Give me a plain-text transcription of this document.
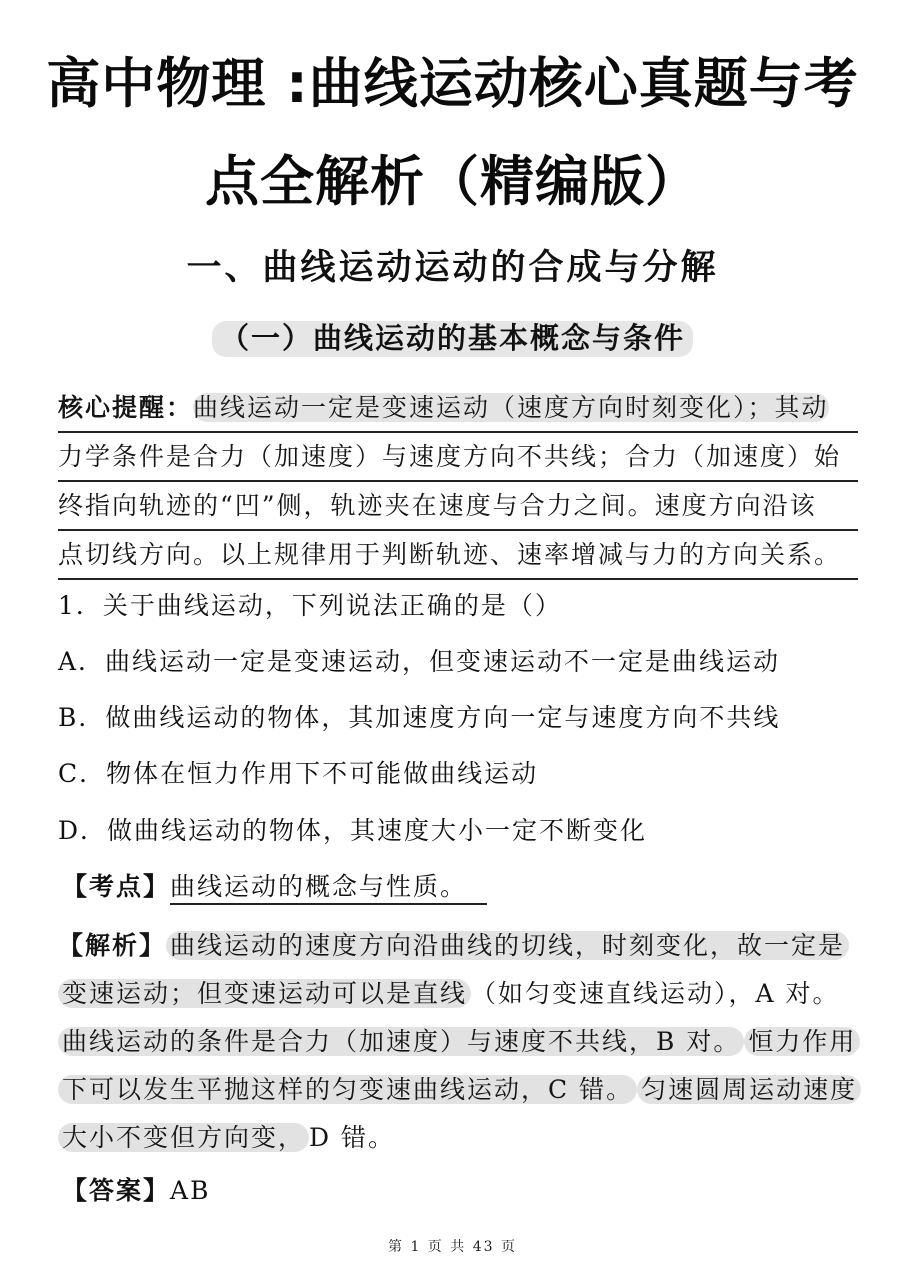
高中物理 :曲线运动核心真题与考
点全解析（精编版）
一、曲线运动运动的合成与分解
（一）曲线运动的基本概念与条件
核心提醒：曲线运动一定是变速运动（速度方向时刻变化）；其动
力学条件是合力（加速度）与速度方向不共线；合力（加速度）始
终指向轨迹的“凹”侧，轨迹夹在速度与合力之间。速度方向沿该
点切线方向。以上规律用于判断轨迹、速率增减与力的方向关系。
1．关于曲线运动，下列说法正确的是（）
A．曲线运动一定是变速运动，但变速运动不一定是曲线运动
B．做曲线运动的物体，其加速度方向一定与速度方向不共线
C．物体在恒力作用下不可能做曲线运动
D．做曲线运动的物体，其速度大小一定不断变化
【考点】曲线运动的概念与性质。
【解析】 曲线运动的速度方向沿曲线的切线，时刻变化，故一定是
变速运动；但变速运动可以是直线 （如匀变速直线运动），A 对。
曲线运动的条件是合力（加速度）与速度不共线，B 对。 恒力作用
下可以发生平抛这样的匀变速曲线运动，C 错。 匀速圆周运动速度
大小不变但方向变， D 错。
【答案】AB
第 1 页 共 43 页
